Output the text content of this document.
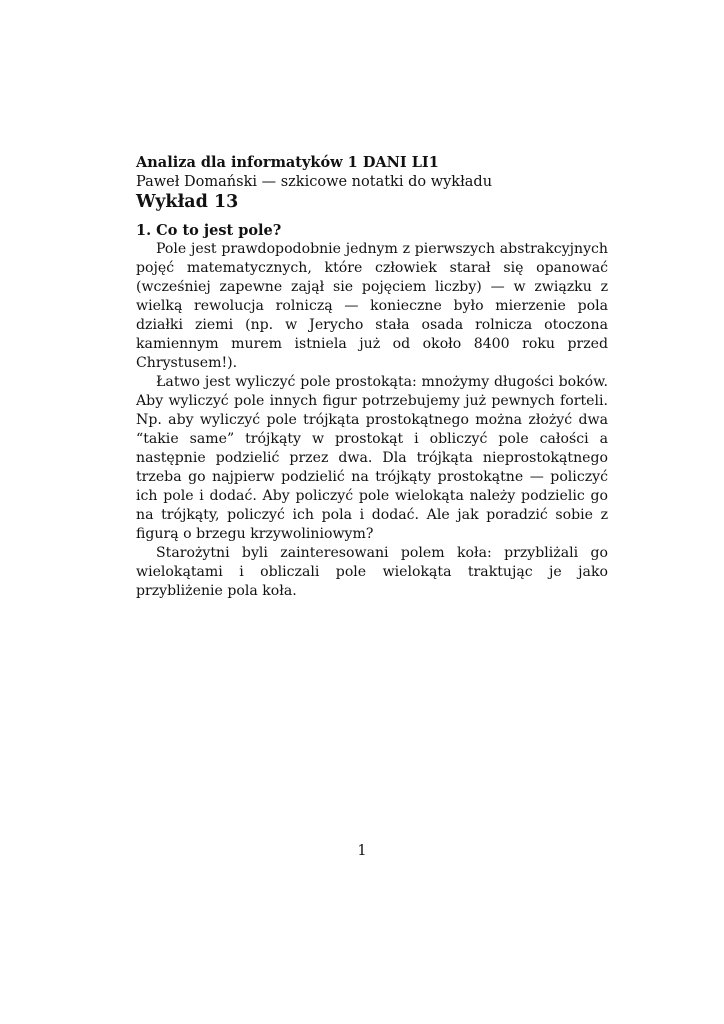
Analiza dla informatyków 1 DANI LI1
Paweł Domański — szkicowe notatki do wykładu
Wykład 13
1. Co to jest pole?

Pole jest prawdopodobnie jednym z pierwszych abstrakcyjnych pojęć matematycznych, które człowiek starał się opanować (wcześniej zapewne zajął sie pojęciem liczby) — w związku z wielką rewolucja rolniczą — konieczne było mierzenie pola działki ziemi (np. w Jerycho stała osada rolnicza otoczona kamiennym murem istniela już od około 8400 roku przed Chrystusem!).

Łatwo jest wyliczyć pole prostokąta: mnożymy długości boków. Aby wyliczyć pole innych figur potrzebujemy już pewnych forteli. Np. aby wyliczyć pole trójkąta prostokątnego można złożyć dwa “takie same” trójkąty w prostokąt i obliczyć pole całości a następnie podzielić przez dwa. Dla trójkąta nieprostokątnego trzeba go najpierw podzielić na trójkąty prostokątne — policzyć ich pole i dodać. Aby policzyć pole wielokąta należy podzielic go na trójkąty, policzyć ich pola i dodać. Ale jak poradzić sobie z figurą o brzegu krzywoliniowym?

Starożytni byli zainteresowani polem koła: przybliżali go wielokątami i obliczali pole wielokąta traktując je jako przybliżenie pola koła.

1
